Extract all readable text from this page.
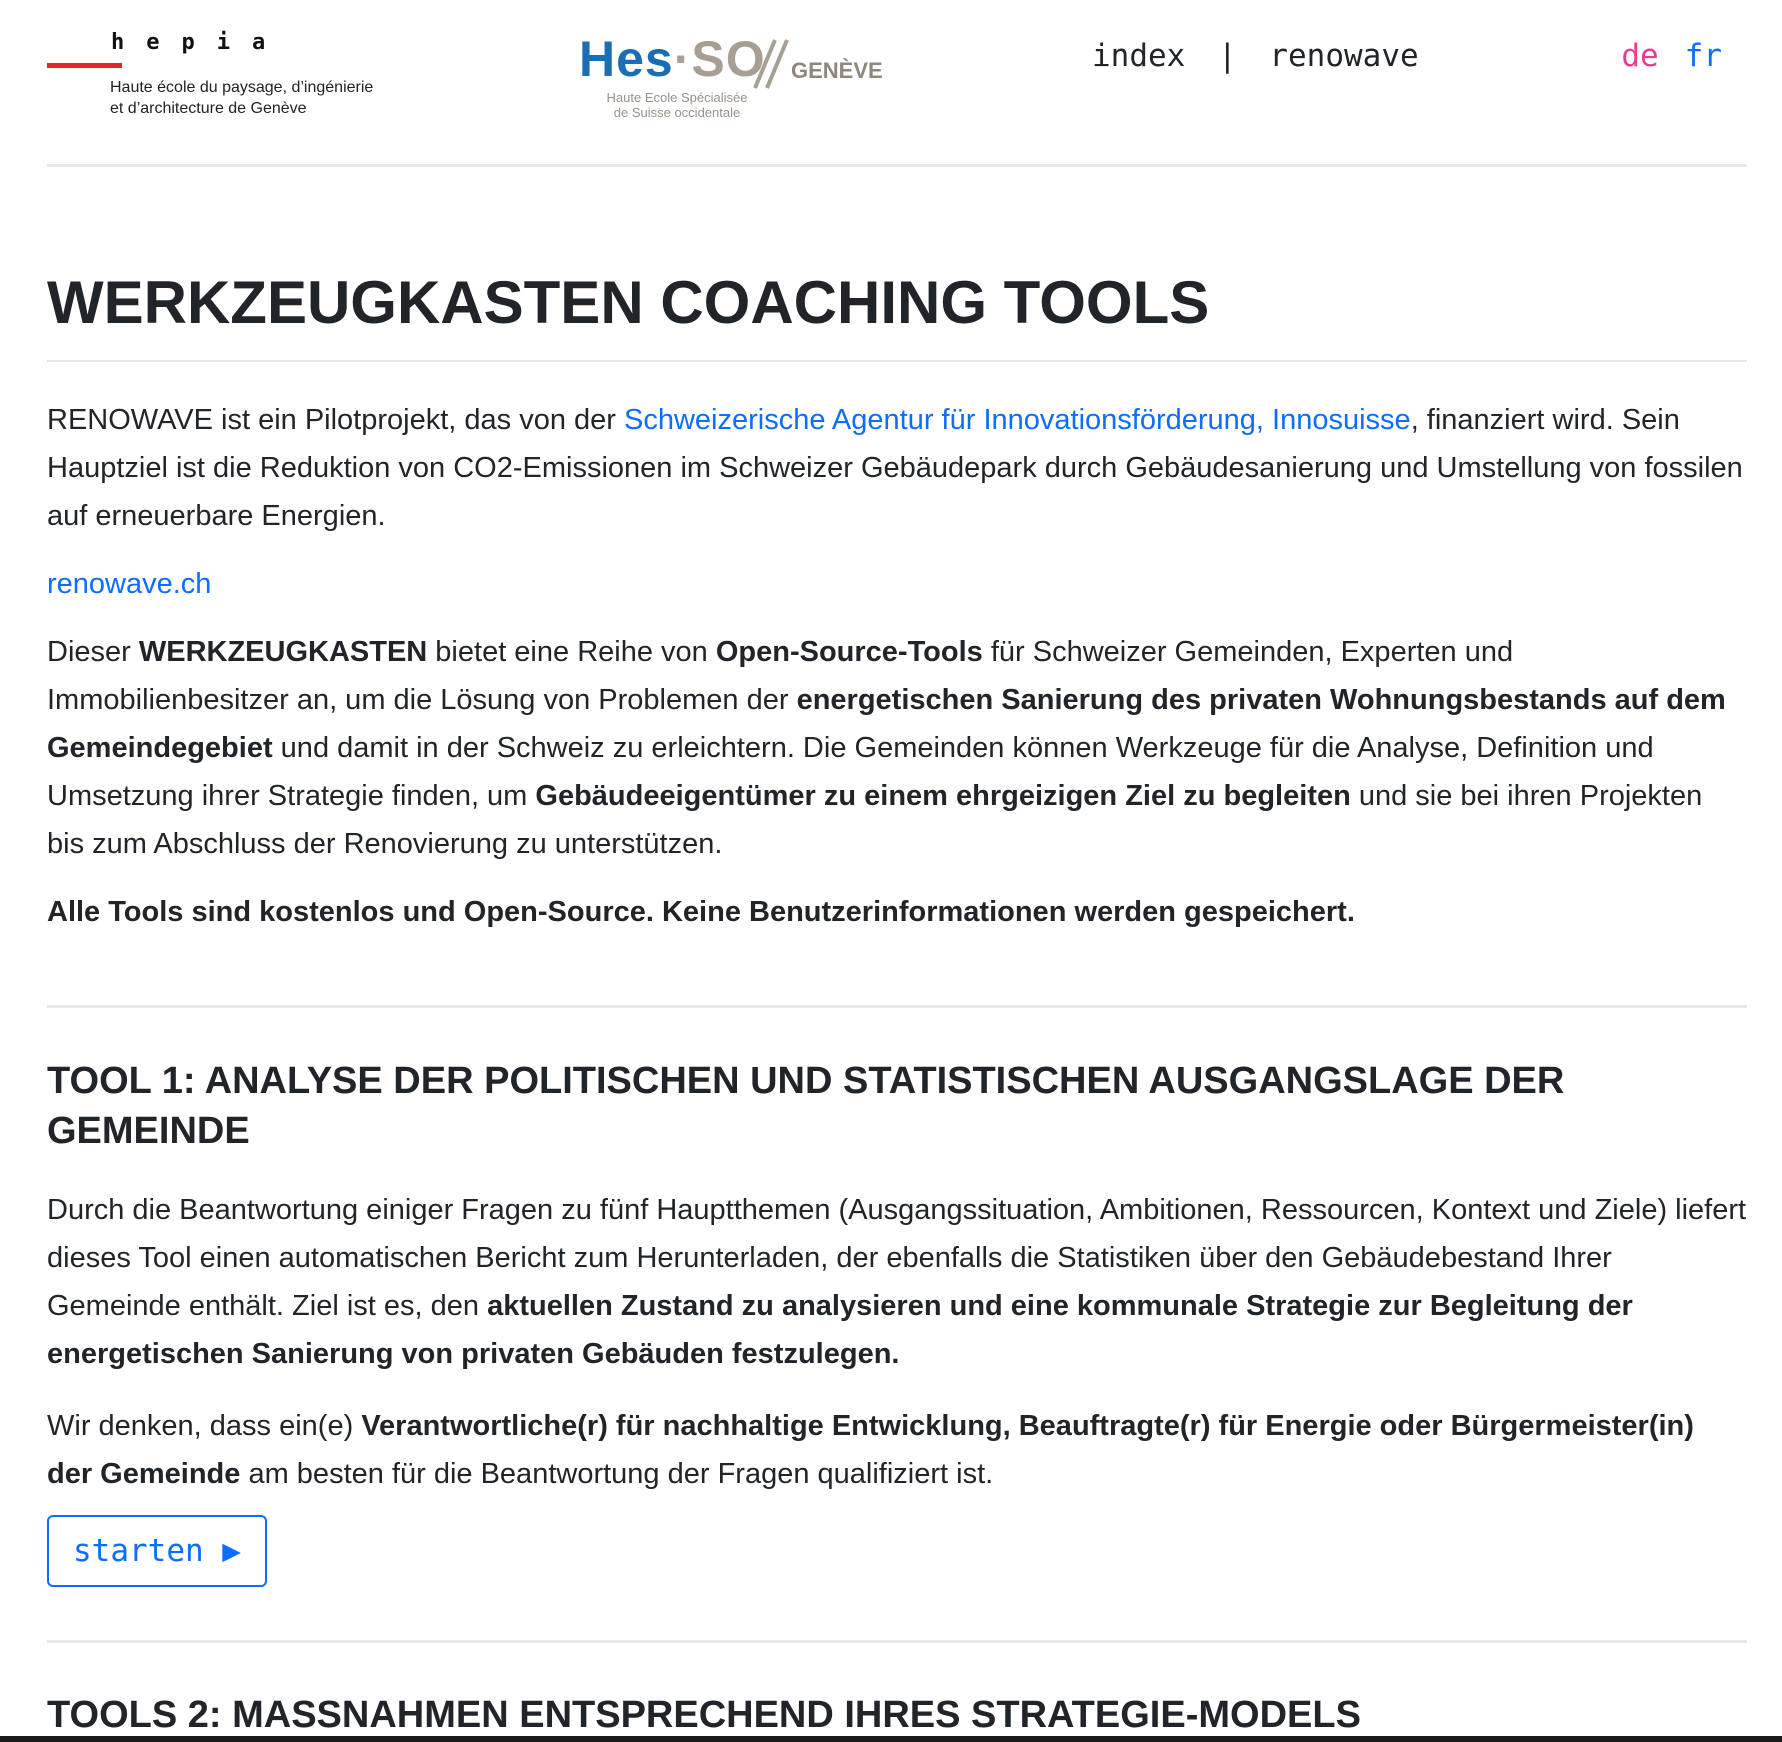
hepia
Haute école du paysage, d’ingénierie
et d’architecture de Genève
Hes·SO GENÈVE
Haute Ecole Spécialisée
de Suisse occidentale
index | renowave	de fr
WERKZEUGKASTEN COACHING TOOLS
RENOWAVE ist ein Pilotprojekt, das von der Schweizerische Agentur für Innovationsförderung, Innosuisse, finanziert wird. Sein Hauptziel ist die Reduktion von CO2-Emissionen im Schweizer Gebäudepark durch Gebäudesanierung und Umstellung von fossilen auf erneuerbare Energien.
renowave.ch
Dieser WERKZEUGKASTEN bietet eine Reihe von Open-Source-Tools für Schweizer Gemeinden, Experten und Immobilienbesitzer an, um die Lösung von Problemen der energetischen Sanierung des privaten Wohnungsbestands auf dem Gemeindegebiet und damit in der Schweiz zu erleichtern. Die Gemeinden können Werkzeuge für die Analyse, Definition und Umsetzung ihrer Strategie finden, um Gebäudeeigentümer zu einem ehrgeizigen Ziel zu begleiten und sie bei ihren Projekten bis zum Abschluss der Renovierung zu unterstützen.
Alle Tools sind kostenlos und Open-Source. Keine Benutzerinformationen werden gespeichert.
TOOL 1: ANALYSE DER POLITISCHEN UND STATISTISCHEN AUSGANGSLAGE DER GEMEINDE
Durch die Beantwortung einiger Fragen zu fünf Hauptthemen (Ausgangssituation, Ambitionen, Ressourcen, Kontext und Ziele) liefert dieses Tool einen automatischen Bericht zum Herunterladen, der ebenfalls die Statistiken über den Gebäudebestand Ihrer Gemeinde enthält. Ziel ist es, den aktuellen Zustand zu analysieren und eine kommunale Strategie zur Begleitung der energetischen Sanierung von privaten Gebäuden festzulegen.
Wir denken, dass ein(e) Verantwortliche(r) für nachhaltige Entwicklung, Beauftragte(r) für Energie oder Bürgermeister(in) der Gemeinde am besten für die Beantwortung der Fragen qualifiziert ist.
starten ▶
TOOLS 2: MASSNAHMEN ENTSPRECHEND IHRES STRATEGIE-MODELS
